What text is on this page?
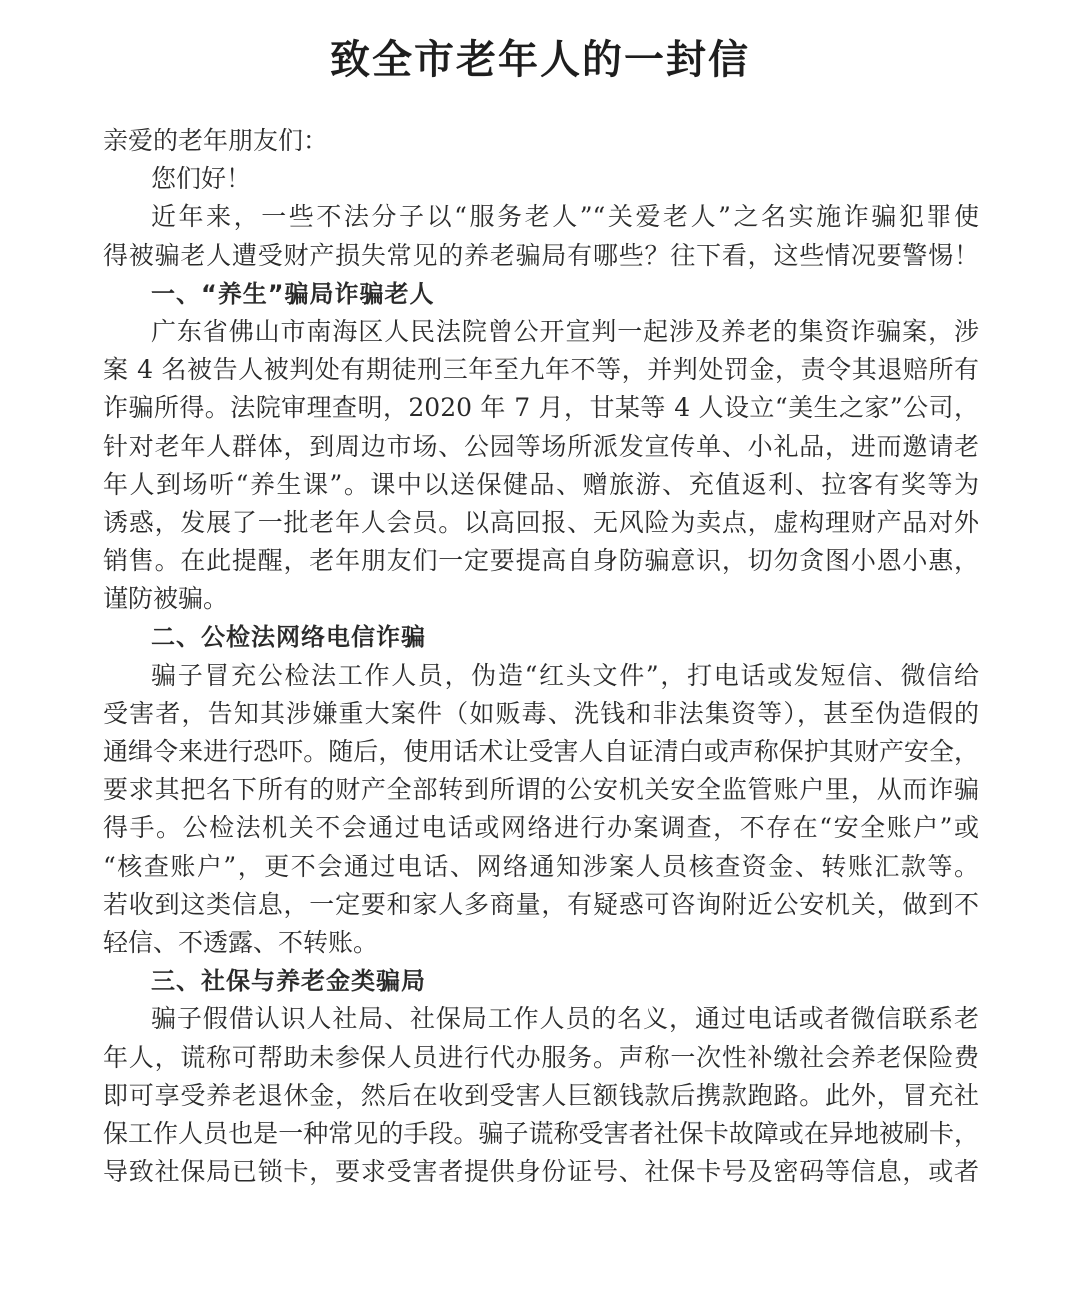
致全市老年人的一封信
亲爱的老年朋友们：
您们好！
近年来，一些不法分子以“服务老人”“关爱老人”之名实施诈骗犯罪使
得被骗老人遭受财产损失常见的养老骗局有哪些？往下看，这些情况要警惕！
一、“养生”骗局诈骗老人
广东省佛山市南海区人民法院曾公开宣判一起涉及养老的集资诈骗案，涉
案 4 名被告人被判处有期徒刑三年至九年不等，并判处罚金，责令其退赔所有
诈骗所得。法院审理查明，2020 年 7 月，甘某等 4 人设立“美生之家”公司，
针对老年人群体，到周边市场、公园等场所派发宣传单、小礼品，进而邀请老
年人到场听“养生课”。课中以送保健品、赠旅游、充值返利、拉客有奖等为
诱惑，发展了一批老年人会员。以高回报、无风险为卖点，虚构理财产品对外
销售。在此提醒，老年朋友们一定要提高自身防骗意识，切勿贪图小恩小惠，
谨防被骗。
二、公检法网络电信诈骗
骗子冒充公检法工作人员，伪造“红头文件”，打电话或发短信、微信给
受害者，告知其涉嫌重大案件（如贩毒、洗钱和非法集资等），甚至伪造假的
通缉令来进行恐吓。随后，使用话术让受害人自证清白或声称保护其财产安全，
要求其把名下所有的财产全部转到所谓的公安机关安全监管账户里，从而诈骗
得手。公检法机关不会通过电话或网络进行办案调查，不存在“安全账户”或
“核查账户”，更不会通过电话、网络通知涉案人员核查资金、转账汇款等。
若收到这类信息，一定要和家人多商量，有疑惑可咨询附近公安机关，做到不
轻信、不透露、不转账。
三、社保与养老金类骗局
骗子假借认识人社局、社保局工作人员的名义，通过电话或者微信联系老
年人，谎称可帮助未参保人员进行代办服务。声称一次性补缴社会养老保险费
即可享受养老退休金，然后在收到受害人巨额钱款后携款跑路。此外，冒充社
保工作人员也是一种常见的手段。骗子谎称受害者社保卡故障或在异地被刷卡，
导致社保局已锁卡，要求受害者提供身份证号、社保卡号及密码等信息，或者
